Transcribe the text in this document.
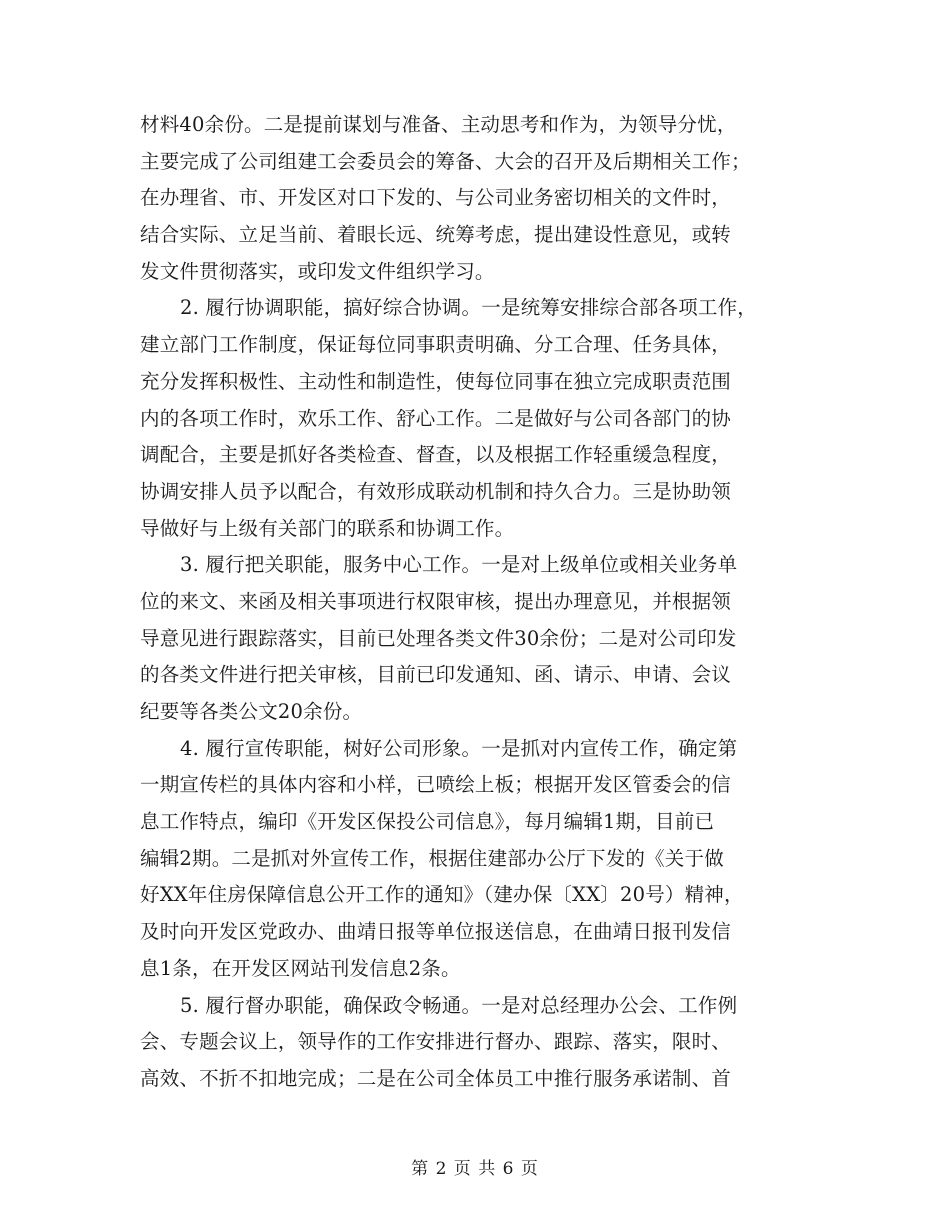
材料40余份。二是提前谋划与准备、主动思考和作为，为领导分忧，
主要完成了公司组建工会委员会的筹备、大会的召开及后期相关工作；
在办理省、市、开发区对口下发的、与公司业务密切相关的文件时，
结合实际、立足当前、着眼长远、统筹考虑，提出建设性意见，或转
发文件贯彻落实，或印发文件组织学习。
2. 履行协调职能，搞好综合协调。一是统筹安排综合部各项工作，
建立部门工作制度，保证每位同事职责明确、分工合理、任务具体，
充分发挥积极性、主动性和制造性，使每位同事在独立完成职责范围
内的各项工作时，欢乐工作、舒心工作。二是做好与公司各部门的协
调配合，主要是抓好各类检查、督查，以及根据工作轻重缓急程度，
协调安排人员予以配合，有效形成联动机制和持久合力。三是协助领
导做好与上级有关部门的联系和协调工作。
3. 履行把关职能，服务中心工作。一是对上级单位或相关业务单
位的来文、来函及相关事项进行权限审核，提出办理意见，并根据领
导意见进行跟踪落实，目前已处理各类文件30余份；二是对公司印发
的各类文件进行把关审核，目前已印发通知、函、请示、申请、会议
纪要等各类公文20余份。
4. 履行宣传职能，树好公司形象。一是抓对内宣传工作，确定第
一期宣传栏的具体内容和小样，已喷绘上板；根据开发区管委会的信
息工作特点，编印《开发区保投公司信息》，每月编辑1期，目前已
编辑2期。二是抓对外宣传工作，根据住建部办公厅下发的《关于做
好XX年住房保障信息公开工作的通知》（建办保〔XX〕20号）精神，
及时向开发区党政办、曲靖日报等单位报送信息，在曲靖日报刊发信
息1条，在开发区网站刊发信息2条。
5. 履行督办职能，确保政令畅通。一是对总经理办公会、工作例
会、专题会议上，领导作的工作安排进行督办、跟踪、落实，限时、
高效、不折不扣地完成；二是在公司全体员工中推行服务承诺制、首
第 2 页 共 6 页
